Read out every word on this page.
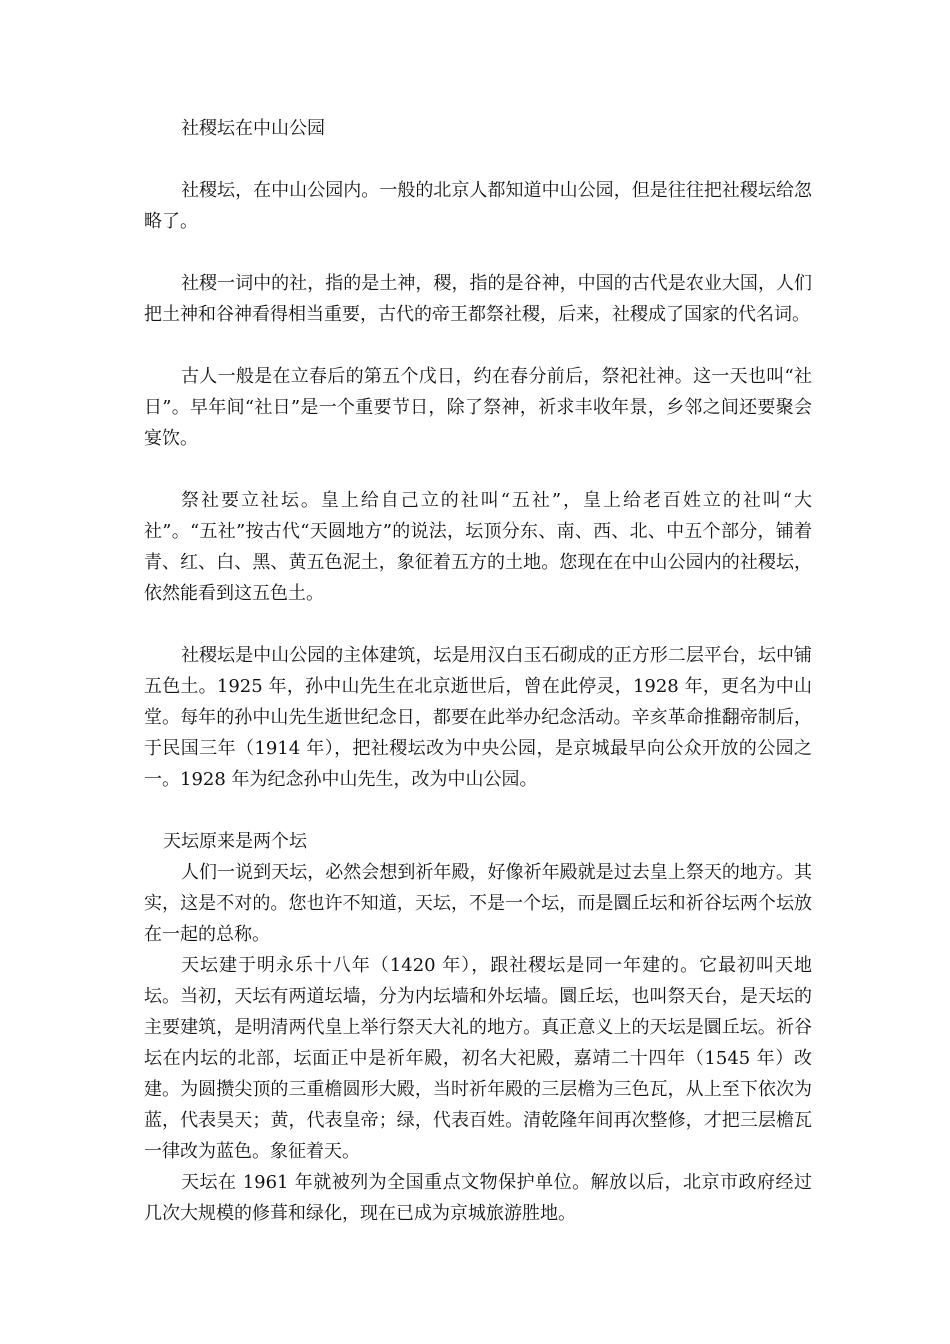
社稷坛在中山公园

社稷坛，在中山公园内。一般的北京人都知道中山公园，但是往往把社稷坛给忽略了。

社稷一词中的社，指的是土神，稷，指的是谷神，中国的古代是农业大国，人们把土神和谷神看得相当重要，古代的帝王都祭社稷，后来，社稷成了国家的代名词。

古人一般是在立春后的第五个戊日，约在春分前后，祭祀社神。这一天也叫“社日”。早年间“社日”是一个重要节日，除了祭神，祈求丰收年景，乡邻之间还要聚会宴饮。

祭社要立社坛。皇上给自己立的社叫“五社”，皇上给老百姓立的社叫“大社”。“五社”按古代“天圆地方”的说法，坛顶分东、南、西、北、中五个部分，铺着青、红、白、黑、黄五色泥土，象征着五方的土地。您现在在中山公园内的社稷坛，依然能看到这五色土。

社稷坛是中山公园的主体建筑，坛是用汉白玉石砌成的正方形二层平台，坛中铺五色土。1925 年，孙中山先生在北京逝世后，曾在此停灵，1928 年，更名为中山堂。每年的孙中山先生逝世纪念日，都要在此举办纪念活动。辛亥革命推翻帝制后，于民国三年（1914 年），把社稷坛改为中央公园，是京城最早向公众开放的公园之一。1928 年为纪念孙中山先生，改为中山公园。

天坛原来是两个坛

人们一说到天坛，必然会想到祈年殿，好像祈年殿就是过去皇上祭天的地方。其实，这是不对的。您也许不知道，天坛，不是一个坛，而是圜丘坛和祈谷坛两个坛放在一起的总称。

天坛建于明永乐十八年（1420 年），跟社稷坛是同一年建的。它最初叫天地坛。当初，天坛有两道坛墙，分为内坛墙和外坛墙。圜丘坛，也叫祭天台，是天坛的主要建筑，是明清两代皇上举行祭天大礼的地方。真正意义上的天坛是圜丘坛。祈谷坛在内坛的北部，坛面正中是祈年殿，初名大祀殿，嘉靖二十四年（1545 年）改建。为圆攒尖顶的三重檐圆形大殿，当时祈年殿的三层檐为三色瓦，从上至下依次为蓝，代表昊天；黄，代表皇帝；绿，代表百姓。清乾隆年间再次整修，才把三层檐瓦一律改为蓝色。象征着天。

天坛在 1961 年就被列为全国重点文物保护单位。解放以后，北京市政府经过几次大规模的修葺和绿化，现在已成为京城旅游胜地。
